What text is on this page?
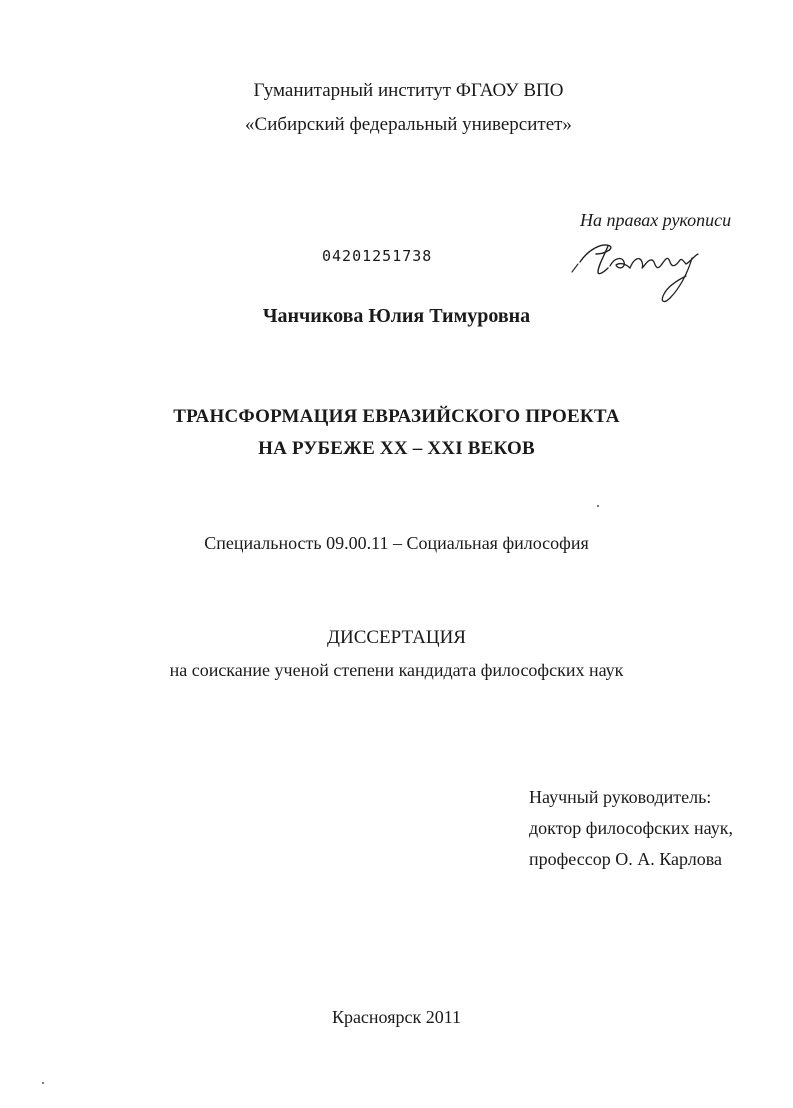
Гуманитарный институт ФГАОУ ВПО
«Сибирский федеральный университет»
На правах рукописи
04201251738
Чанчикова Юлия Тимуровна
ТРАНСФОРМАЦИЯ ЕВРАЗИЙСКОГО ПРОЕКТА
НА РУБЕЖЕ XX – XXI ВЕКОВ
Специальность 09.00.11 – Социальная философия
ДИССЕРТАЦИЯ
на соискание ученой степени кандидата философских наук
Научный руководитель:
доктор философских наук,
профессор О. А. Карлова
Красноярск 2011
